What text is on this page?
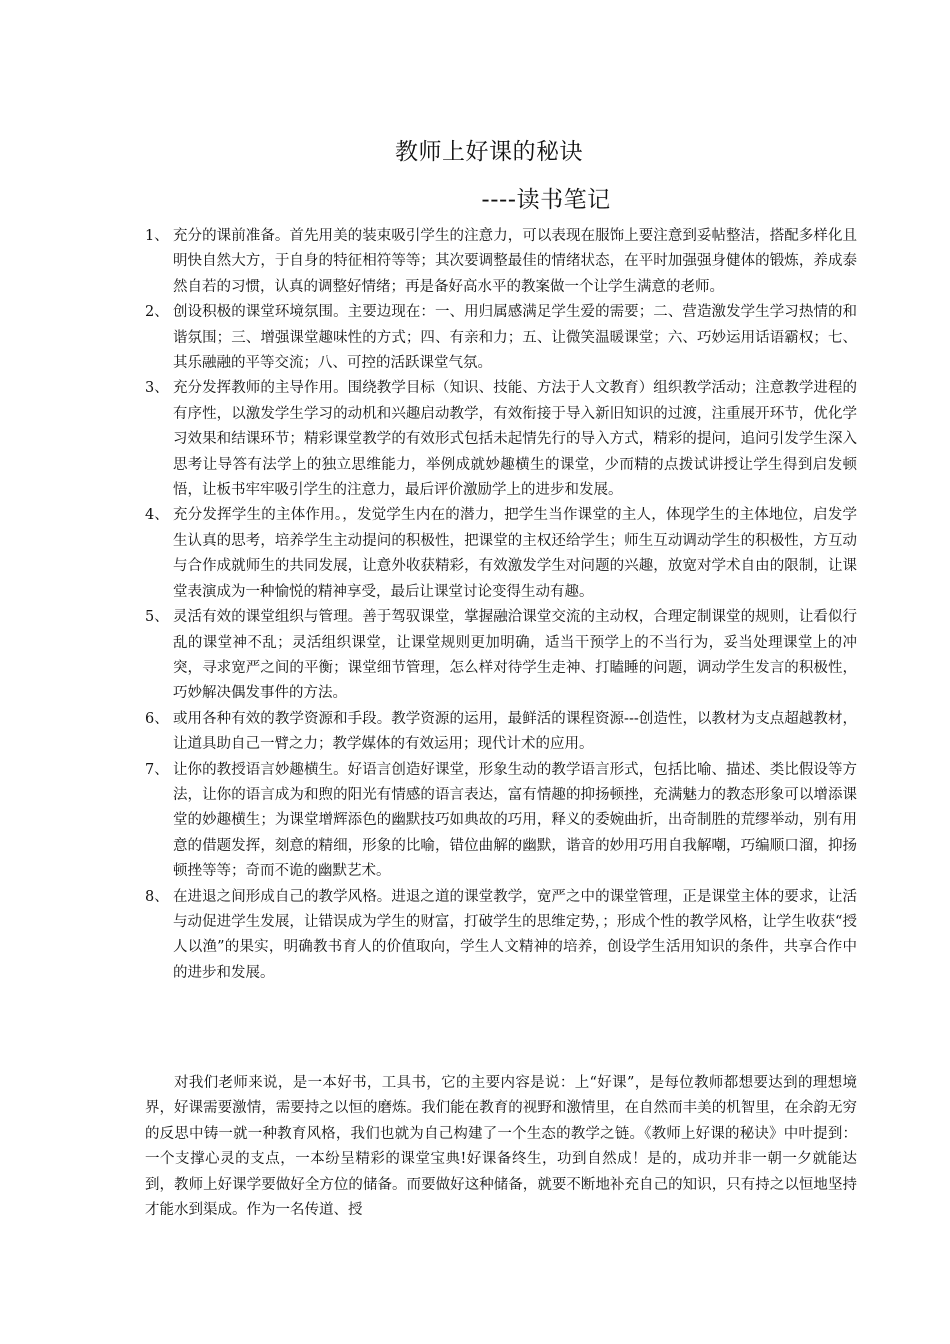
教师上好课的秘诀
----读书笔记
1、 充分的课前准备。首先用美的装束吸引学生的注意力，可以表现在服饰上要注意到妥帖整洁，搭配多样化且明快自然大方，于自身的特征相符等等；其次要调整最佳的情绪状态，在平时加强强身健体的锻炼，养成泰然自若的习惯，认真的调整好情绪；再是备好高水平的教案做一个让学生满意的老师。
2、 创设积极的课堂环境氛围。主要边现在：一、用归属感满足学生爱的需要；二、营造激发学生学习热情的和谐氛围；三、增强课堂趣味性的方式；四、有亲和力；五、让微笑温暖课堂；六、巧妙运用话语霸权；七、其乐融融的平等交流；八、可控的活跃课堂气氛。
3、 充分发挥教师的主导作用。围绕教学目标（知识、技能、方法于人文教育）组织教学活动；注意教学进程的有序性，以激发学生学习的动机和兴趣启动教学，有效衔接于导入新旧知识的过渡，注重展开环节，优化学习效果和结课环节；精彩课堂教学的有效形式包括未起情先行的导入方式，精彩的提问，追问引发学生深入思考让导答有法学上的独立思维能力，举例成就妙趣横生的课堂，少而精的点拨试讲授让学生得到启发顿悟，让板书牢牢吸引学生的注意力，最后评价激励学上的进步和发展。
4、 充分发挥学生的主体作用。，发觉学生内在的潜力，把学生当作课堂的主人，体现学生的主体地位，启发学生认真的思考，培养学生主动提问的积极性，把课堂的主权还给学生；师生互动调动学生的积极性，方互动与合作成就师生的共同发展，让意外收获精彩，有效激发学生对问题的兴趣，放宽对学术自由的限制，让课堂表演成为一种愉悦的精神享受，最后让课堂讨论变得生动有趣。
5、 灵活有效的课堂组织与管理。善于驾驭课堂，掌握融洽课堂交流的主动权，合理定制课堂的规则，让看似行乱的课堂神不乱；灵活组织课堂，让课堂规则更加明确，适当干预学上的不当行为，妥当处理课堂上的冲突，寻求宽严之间的平衡；课堂细节管理，怎么样对待学生走神、打瞌睡的问题，调动学生发言的积极性，巧妙解决偶发事件的方法。
6、 或用各种有效的教学资源和手段。教学资源的运用，最鲜活的课程资源---创造性，以教材为支点超越教材，让道具助自己一臂之力；教学媒体的有效运用；现代计术的应用。
7、 让你的教授语言妙趣横生。好语言创造好课堂，形象生动的教学语言形式，包括比喻、描述、类比假设等方法，让你的语言成为和煦的阳光有情感的语言表达，富有情趣的抑扬顿挫，充满魅力的教态形象可以增添课堂的妙趣横生；为课堂增辉添色的幽默技巧如典故的巧用，释义的委婉曲折，出奇制胜的荒缪举动，别有用意的借题发挥，刻意的精细，形象的比喻，错位曲解的幽默，谐音的妙用巧用自我解嘲，巧编顺口溜，抑扬顿挫等等；奇而不诡的幽默艺术。
8、 在进退之间形成自己的教学风格。进退之道的课堂教学，宽严之中的课堂管理，正是课堂主体的要求，让活与动促进学生发展，让错误成为学生的财富，打破学生的思维定势，；形成个性的教学风格，让学生收获“授人以渔”的果实，明确教书育人的价值取向，学生人文精神的培养，创设学生活用知识的条件，共享合作中的进步和发展。

对我们老师来说，是一本好书，工具书，它的主要内容是说：上“好课”，是每位教师都想要达到的理想境界，好课需要激情，需要持之以恒的磨炼。我们能在教育的视野和激情里，在自然而丰美的机智里，在余韵无穷的反思中铸一就一种教育风格，我们也就为自己构建了一个生态的教学之链。《教师上好课的秘诀》中叶提到：一个支撑心灵的支点，一本纷呈精彩的课堂宝典!好课备终生，功到自然成！是的，成功并非一朝一夕就能达到，教师上好课学要做好全方位的储备。而要做好这种储备，就要不断地补充自己的知识，只有持之以恒地坚持才能水到渠成。作为一名传道、授
